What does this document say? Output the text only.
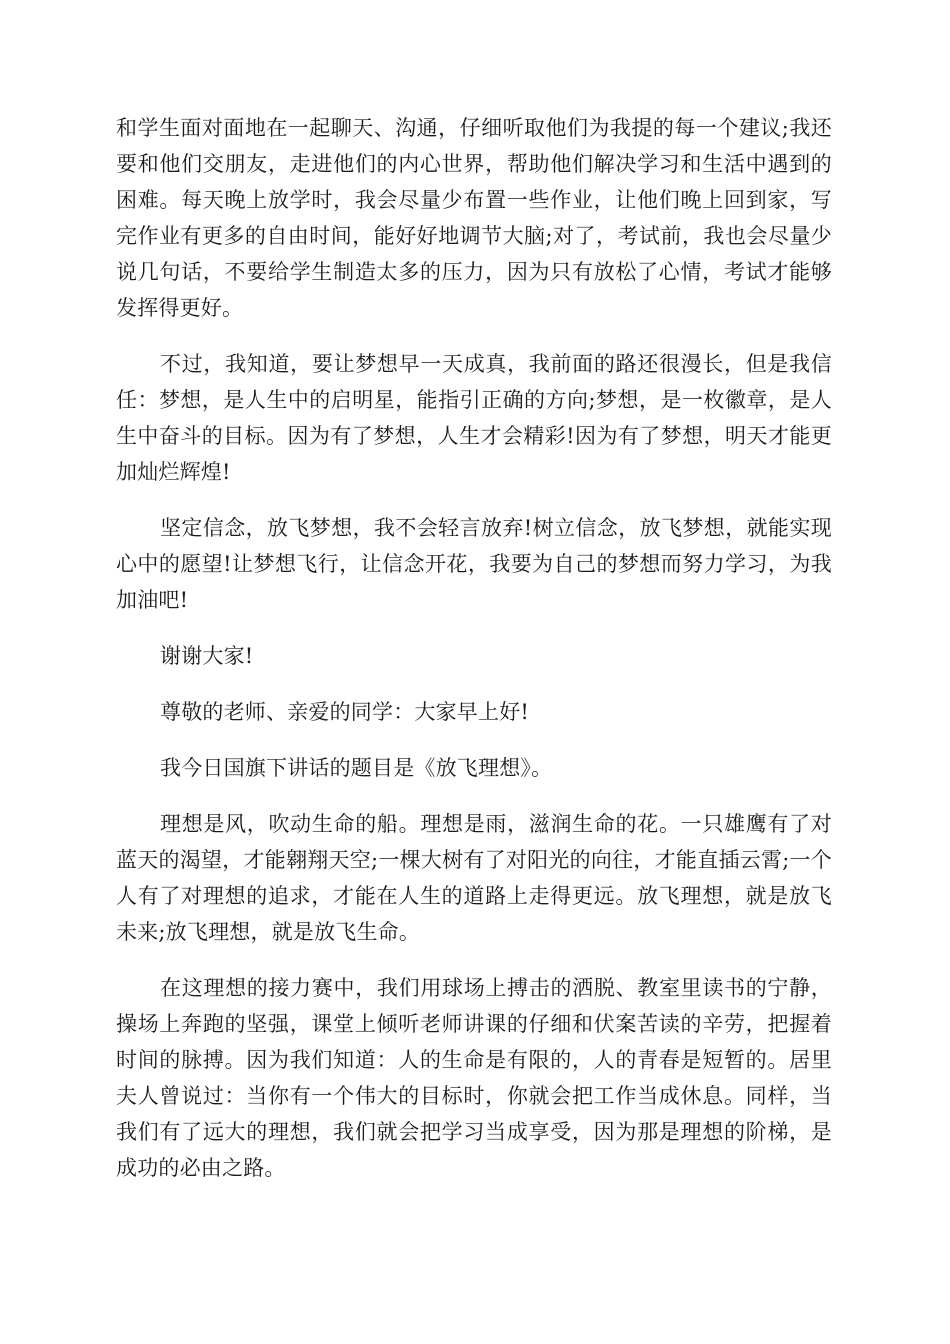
和学生面对面地在一起聊天、沟通，仔细听取他们为我提的每一个建议;我还要和他们交朋友，走进他们的内心世界，帮助他们解决学习和生活中遇到的困难。每天晚上放学时，我会尽量少布置一些作业，让他们晚上回到家，写完作业有更多的自由时间，能好好地调节大脑;对了，考试前，我也会尽量少说几句话，不要给学生制造太多的压力，因为只有放松了心情，考试才能够发挥得更好。

不过，我知道，要让梦想早一天成真，我前面的路还很漫长，但是我信任：梦想，是人生中的启明星，能指引正确的方向;梦想，是一枚徽章，是人生中奋斗的目标。因为有了梦想，人生才会精彩!因为有了梦想，明天才能更加灿烂辉煌!

坚定信念，放飞梦想，我不会轻言放弃!树立信念，放飞梦想，就能实现心中的愿望!让梦想飞行，让信念开花，我要为自己的梦想而努力学习，为我加油吧!

谢谢大家!

尊敬的老师、亲爱的同学：大家早上好!

我今日国旗下讲话的题目是《放飞理想》。

理想是风，吹动生命的船。理想是雨，滋润生命的花。一只雄鹰有了对蓝天的渴望，才能翱翔天空;一棵大树有了对阳光的向往，才能直插云霄;一个人有了对理想的追求，才能在人生的道路上走得更远。放飞理想，就是放飞未来;放飞理想，就是放飞生命。

在这理想的接力赛中，我们用球场上搏击的洒脱、教室里读书的宁静，操场上奔跑的坚强，课堂上倾听老师讲课的仔细和伏案苦读的辛劳，把握着时间的脉搏。因为我们知道：人的生命是有限的，人的青春是短暂的。居里夫人曾说过：当你有一个伟大的目标时，你就会把工作当成休息。同样，当我们有了远大的理想，我们就会把学习当成享受，因为那是理想的阶梯，是成功的必由之路。
